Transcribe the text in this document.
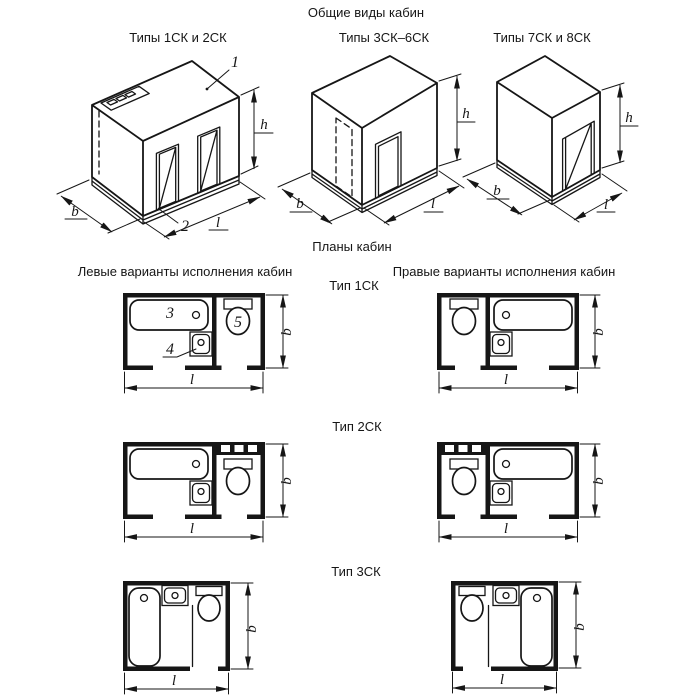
Общие виды кабин
Типы 1СК и 2СК
1
2
h
b
l
Типы 3СК–6СК
h
b	l
Типы 7СК и 8СК
h
b
l
Планы кабин
Левые варианты исполнения кабин	Правые варианты исполнения кабин
Тип 1СК
Тип 2СК
Тип 3СК
3
4
5
b
l
b
l
b
l
b
l
b
l
b
l
